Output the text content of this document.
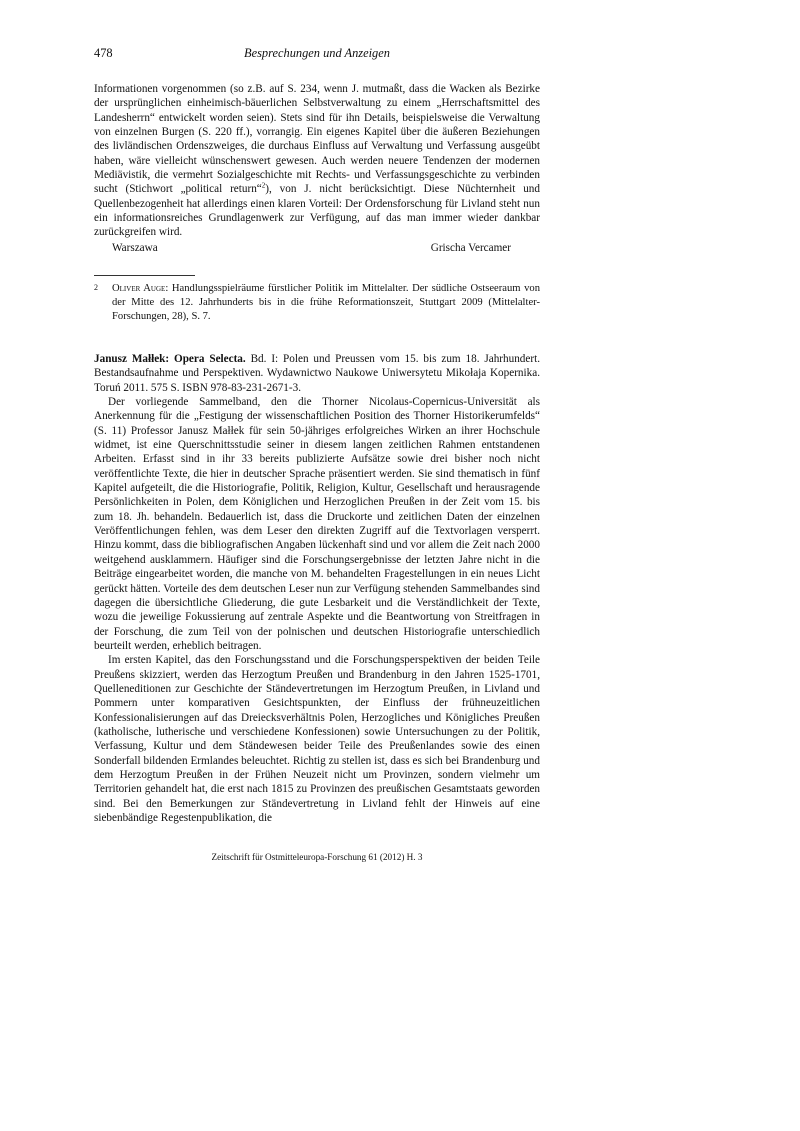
478	Besprechungen und Anzeigen

Informationen vorgenommen (so z.B. auf S. 234, wenn J. mutmaßt, dass die Wacken als Bezirke der ursprünglichen einheimisch-bäuerlichen Selbstverwaltung zu einem „Herrschaftsmittel des Landesherrn“ entwickelt worden seien). Stets sind für ihn Details, beispielsweise die Verwaltung von einzelnen Burgen (S. 220 ff.), vorrangig. Ein eigenes Kapitel über die äußeren Beziehungen des livländischen Ordenszweiges, die durchaus Einfluss auf Verwaltung und Verfassung ausgeübt haben, wäre vielleicht wünschenswert gewesen. Auch werden neuere Tendenzen der modernen Mediävistik, die vermehrt Sozialgeschichte mit Rechts- und Verfassungsgeschichte zu verbinden sucht (Stichwort „political return“$^2$), von J. nicht berücksichtigt. Diese Nüchternheit und Quellenbezogenheit hat allerdings einen klaren Vorteil: Der Ordensforschung für Livland steht nun ein informationsreiches Grundlagenwerk zur Verfügung, auf das man immer wieder dankbar zurückgreifen wird.

Warszawa	Grischa Vercamer
2	Oliver Auge: Handlungsspielräume fürstlicher Politik im Mittelalter. Der südliche Ostseeraum von der Mitte des 12. Jahrhunderts bis in die frühe Reformationszeit, Stuttgart 2009 (Mittelalter-Forschungen, 28), S. 7.

Janusz Małłek: Opera Selecta. Bd. I: Polen und Preussen vom 15. bis zum 18. Jahrhundert. Bestandsaufnahme und Perspektiven. Wydawnictwo Naukowe Uniwersytetu Mikołaja Kopernika. Toruń 2011. 575 S. ISBN 978-83-231-2671-3.

Der vorliegende Sammelband, den die Thorner Nicolaus-Copernicus-Universität als Anerkennung für die „Festigung der wissenschaftlichen Position des Thorner Historikerumfelds“ (S. 11) Professor Janusz Małłek für sein 50-jähriges erfolgreiches Wirken an ihrer Hochschule widmet, ist eine Querschnittsstudie seiner in diesem langen zeitlichen Rahmen entstandenen Arbeiten. Erfasst sind in ihr 33 bereits publizierte Aufsätze sowie drei bisher noch nicht veröffentlichte Texte, die hier in deutscher Sprache präsentiert werden. Sie sind thematisch in fünf Kapitel aufgeteilt, die die Historiografie, Politik, Religion, Kultur, Gesellschaft und herausragende Persönlichkeiten in Polen, dem Königlichen und Herzoglichen Preußen in der Zeit vom 15. bis zum 18. Jh. behandeln. Bedauerlich ist, dass die Druckorte und zeitlichen Daten der einzelnen Veröffentlichungen fehlen, was dem Leser den direkten Zugriff auf die Textvorlagen versperrt. Hinzu kommt, dass die bibliografischen Angaben lückenhaft sind und vor allem die Zeit nach 2000 weitgehend ausklammern. Häufiger sind die Forschungsergebnisse der letzten Jahre nicht in die Beiträge eingearbeitet worden, die manche von M. behandelten Fragestellungen in ein neues Licht gerückt hätten. Vorteile des dem deutschen Leser nun zur Verfügung stehenden Sammelbandes sind dagegen die übersichtliche Gliederung, die gute Lesbarkeit und die Verständlichkeit der Texte, wozu die jeweilige Fokussierung auf zentrale Aspekte und die Beantwortung von Streitfragen in der Forschung, die zum Teil von der polnischen und deutschen Historiografie unterschiedlich beurteilt werden, erheblich beitragen.

Im ersten Kapitel, das den Forschungsstand und die Forschungsperspektiven der beiden Teile Preußens skizziert, werden das Herzogtum Preußen und Brandenburg in den Jahren 1525-1701, Quelleneditionen zur Geschichte der Ständevertretungen im Herzogtum Preußen, in Livland und Pommern unter komparativen Gesichtspunkten, der Einfluss der frühneuzeitlichen Konfessionalisierungen auf das Dreiecksverhältnis Polen, Herzogliches und Königliches Preußen (katholische, lutherische und verschiedene Konfessionen) sowie Untersuchungen zu der Politik, Verfassung, Kultur und dem Ständewesen beider Teile des Preußenlandes sowie des einen Sonderfall bildenden Ermlandes beleuchtet. Richtig zu stellen ist, dass es sich bei Brandenburg und dem Herzogtum Preußen in der Frühen Neuzeit nicht um Provinzen, sondern vielmehr um Territorien gehandelt hat, die erst nach 1815 zu Provinzen des preußischen Gesamtstaats geworden sind. Bei den Bemerkungen zur Ständevertretung in Livland fehlt der Hinweis auf eine siebenbändige Regestenpublikation, die

Zeitschrift für Ostmitteleuropa-Forschung 61 (2012) H. 3
